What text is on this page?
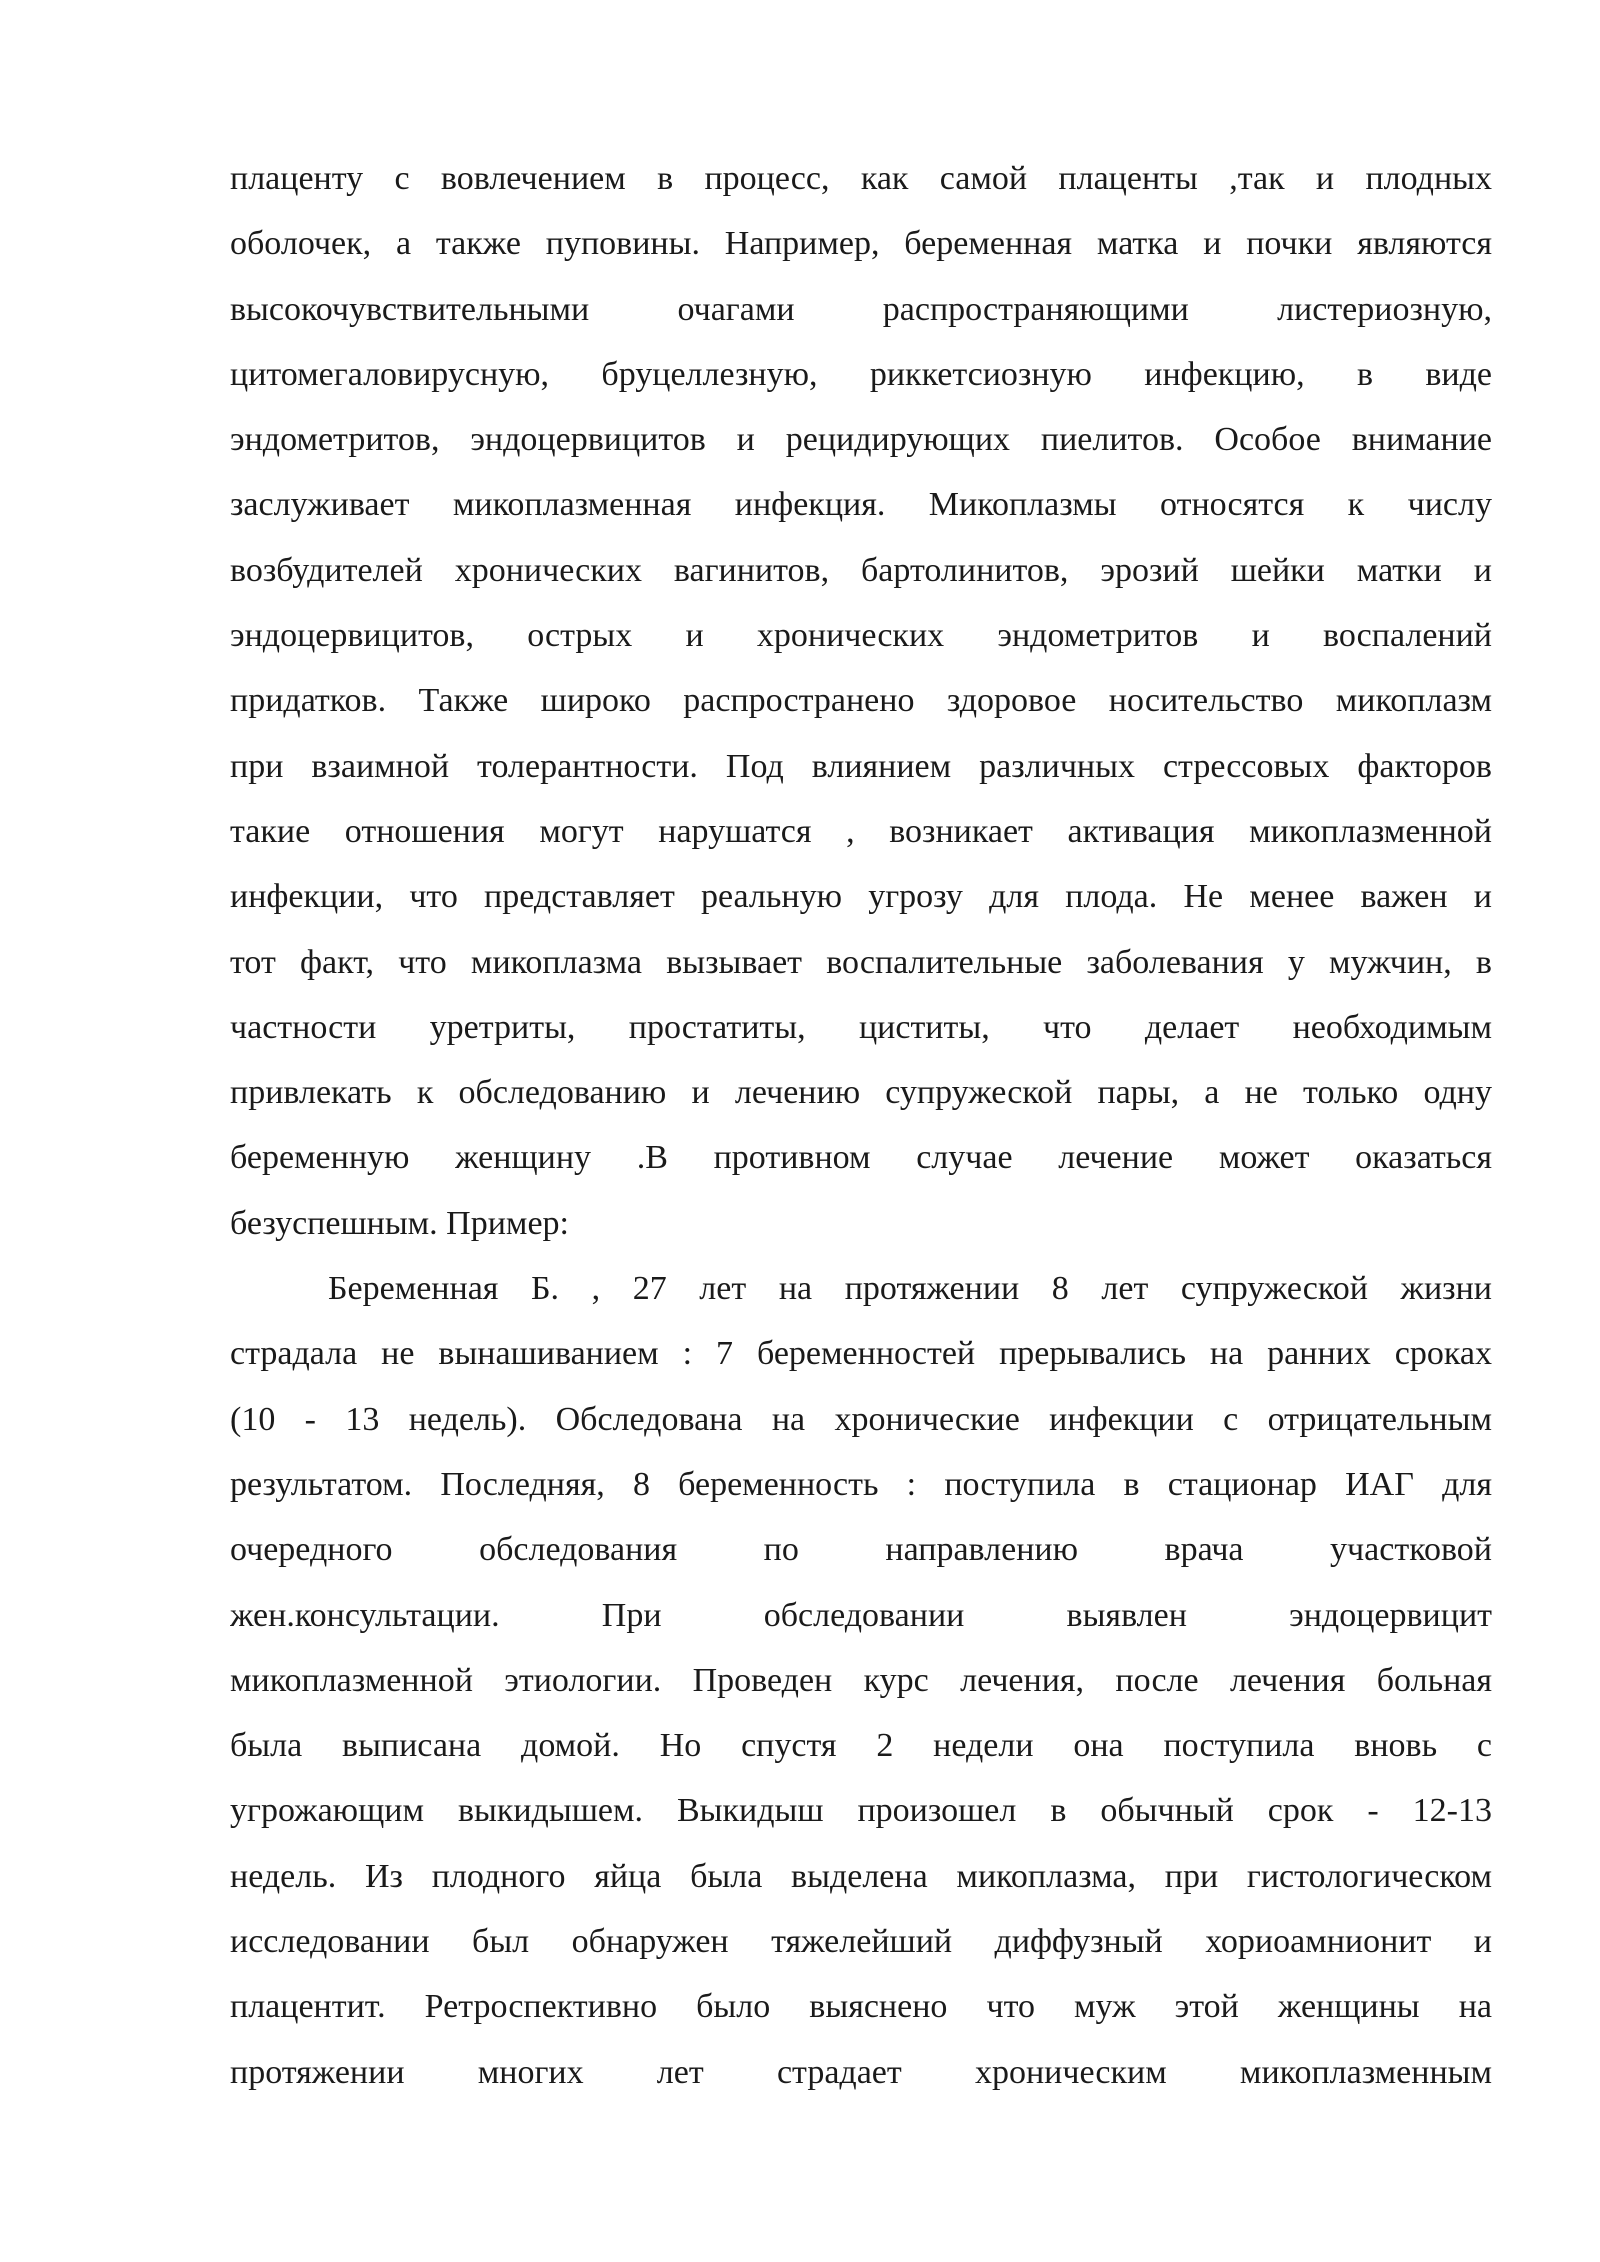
плаценту с вовлечением в процесс, как самой плаценты ,так и плодных
оболочек, а также пуповины. Например, беременная матка и почки являются
высокочувствительными очагами распространяющими листериозную,
цитомегаловирусную, бруцеллезную, риккетсиозную инфекцию, в виде
эндометритов, эндоцервицитов и рецидирующих пиелитов. Особое внимание
заслуживает микоплазменная инфекция. Микоплазмы относятся к числу
возбудителей хронических вагинитов, бартолинитов, эрозий шейки матки и
эндоцервицитов, острых и хронических эндометритов и воспалений
придатков. Также широко распространено здоровое носительство микоплазм
при взаимной толерантности. Под влиянием различных стрессовых факторов
такие отношения могут нарушатся , возникает активация микоплазменной
инфекции, что представляет реальную угрозу для плода. Не менее важен и
тот факт, что микоплазма вызывает воспалительные заболевания у мужчин, в
частности уретриты, простатиты, циститы, что делает необходимым
привлекать к обследованию и лечению супружеской пары, а не только одну
беременную женщину .В противном случае лечение может оказаться
безуспешным. Пример:
Беременная Б. , 27 лет на протяжении 8 лет супружеской жизни
страдала не вынашиванием : 7 беременностей прерывались на ранних сроках
(10 - 13 недель). Обследована на хронические инфекции с отрицательным
результатом. Последняя, 8 беременность : поступила в стационар ИАГ для
очередного обследования по направлению врача участковой
жен.консультации. При обследовании выявлен эндоцервицит
микоплазменной этиологии. Проведен курс лечения, после лечения больная
была выписана домой. Но спустя 2 недели она поступила вновь с
угрожающим выкидышем. Выкидыш произошел в обычный срок - 12-13
недель. Из плодного яйца была выделена микоплазма, при гистологическом
исследовании был обнаружен тяжелейший диффузный хориоамнионит и
плацентит. Ретроспективно было выяснено что муж этой женщины на
протяжении многих лет страдает хроническим микоплазменным
